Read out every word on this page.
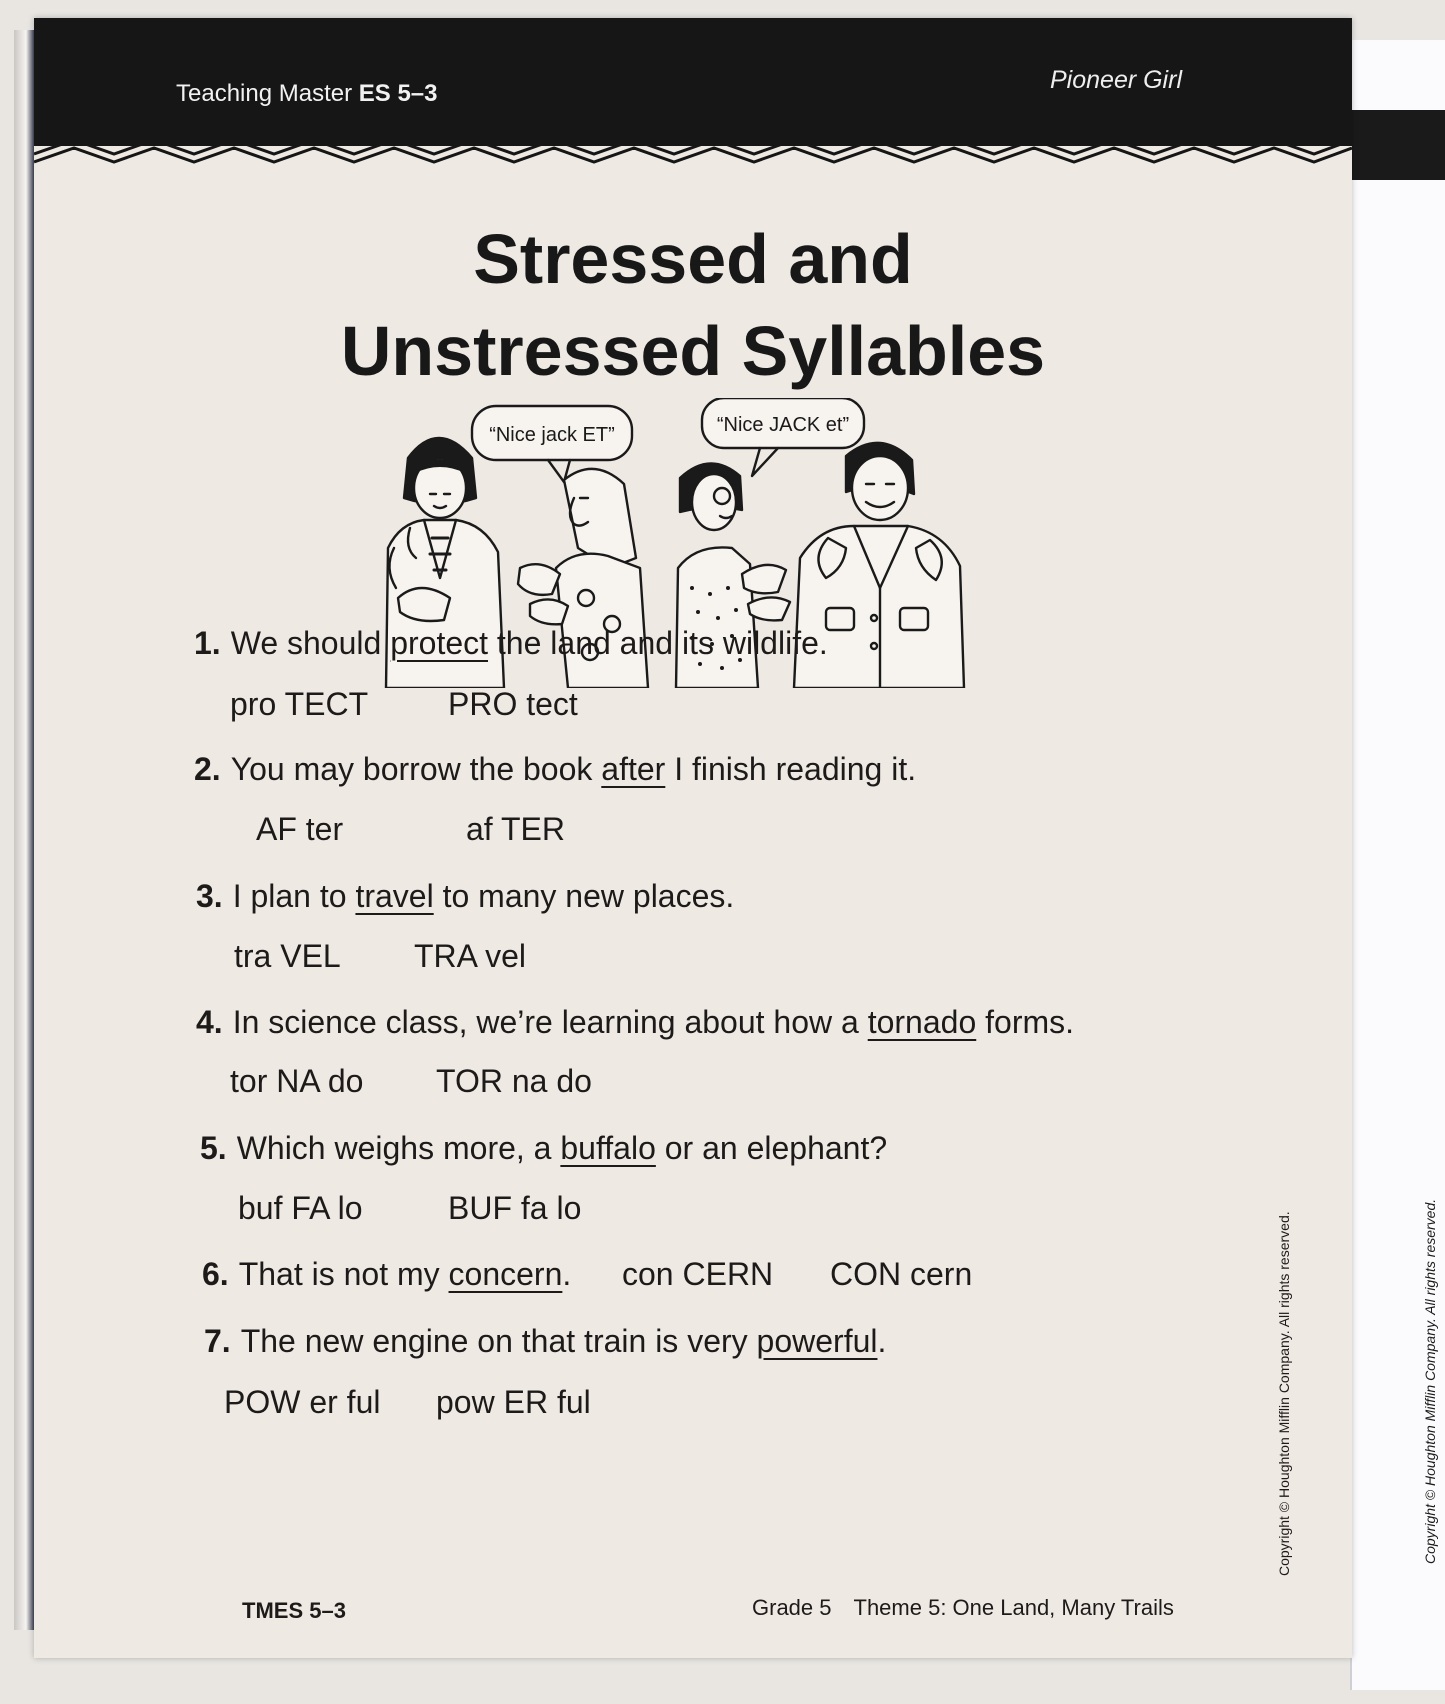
Teaching Master ES 5–3	Pioneer Girl
Stressed and
Unstressed Syllables
“Nice jack ET”	“Nice JACK et”
1. We should protect the land and its wildlife.
pro TECT PRO tect
2. You may borrow the book after I finish reading it.
AF ter	af TER
3. I plan to travel to many new places.
tra VEL TRA vel
4. In science class, we’re learning about how a tornado forms.
tor NA do TOR na do
5. Which weighs more, a buffalo or an elephant?
buf FA lo	BUF fa lo
6. That is not my concern. con CERN CON cern
7. The new engine on that train is very powerful.
POW er ful pow ER ful
TMES 5–3	Grade 5 Theme 5: One Land, Many Trails
Copyright © Houghton Mifflin Company. All rights reserved.	Copyright © Houghton Mifflin Company. All rights reserved.
